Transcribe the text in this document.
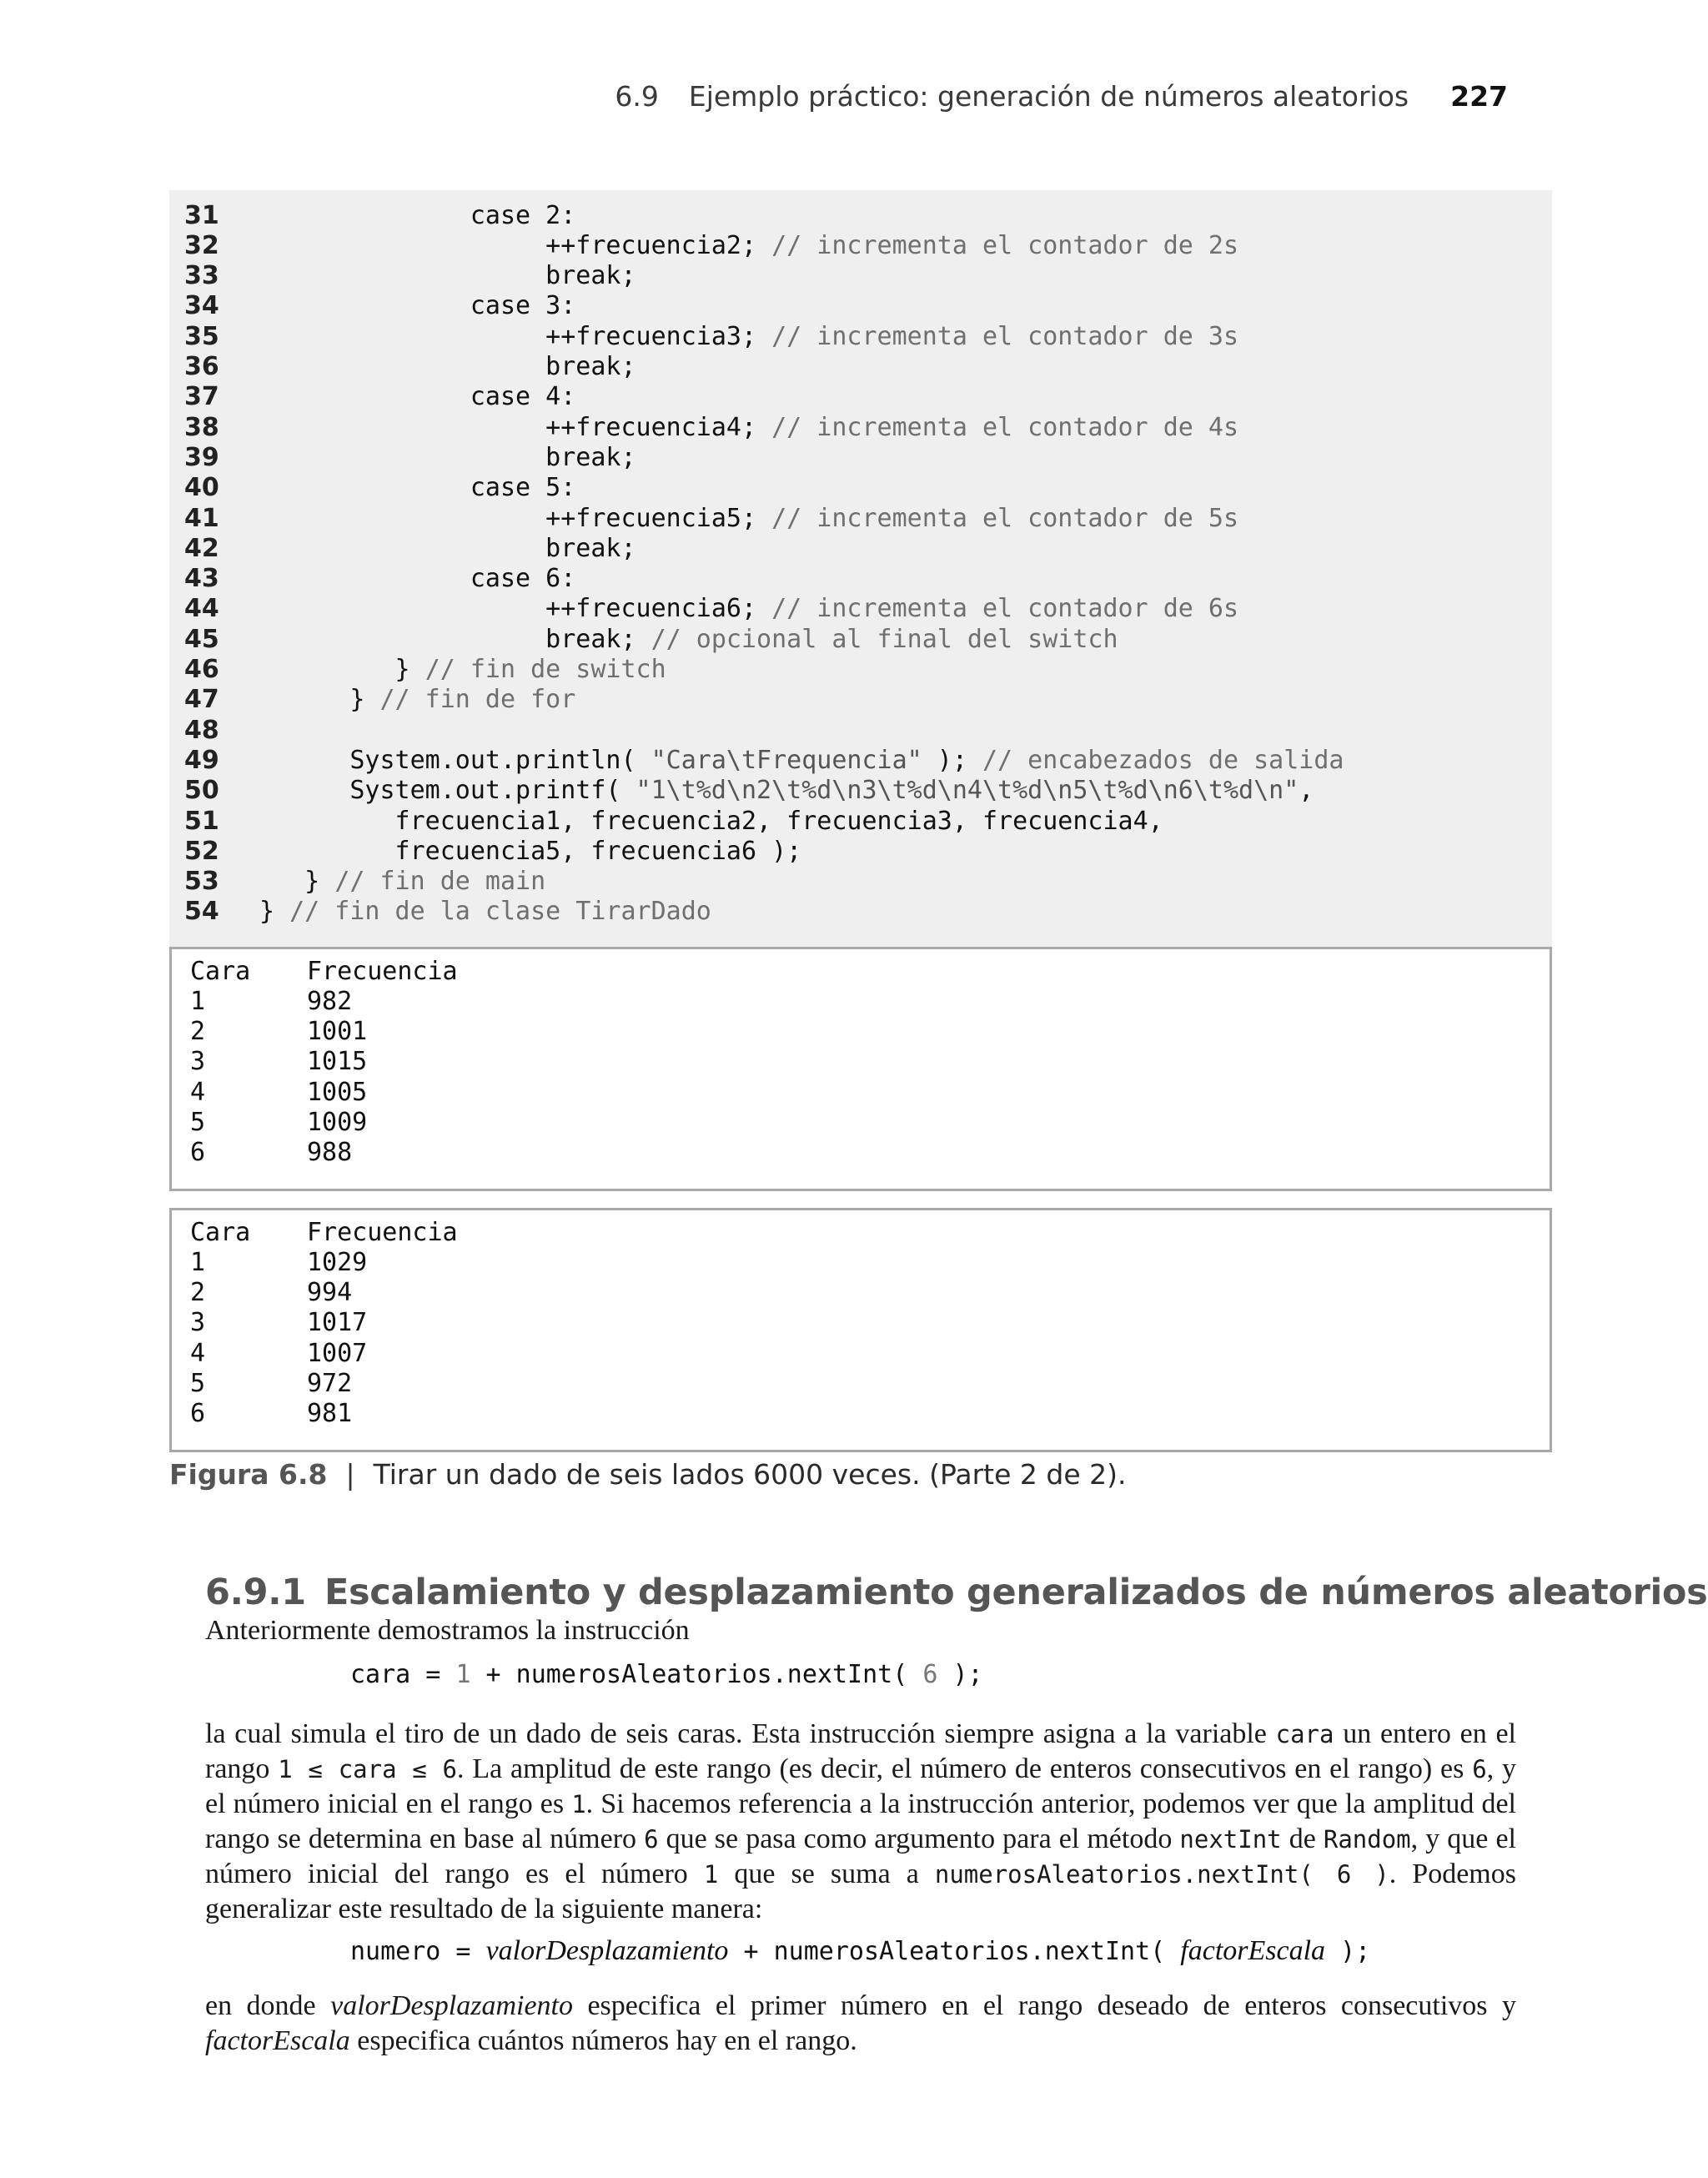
6.9 Ejemplo práctico: generación de números aleatorios 227
31	case 2:
32	++frecuencia2; // incrementa el contador de 2s
33	break;
34	case 3:
35	++frecuencia3; // incrementa el contador de 3s
36	break;
37	case 4:
38	++frecuencia4; // incrementa el contador de 4s
39	break;
40	case 5:
41	++frecuencia5; // incrementa el contador de 5s
42	break;
43	case 6:
44	++frecuencia6; // incrementa el contador de 6s
45	break; // opcional al final del switch
46	} // fin de switch
47	} // fin de for
48
49	System.out.println( "Cara\tFrequencia" ); // encabezados de salida
50	System.out.printf( "1\t%d\n2\t%d\n3\t%d\n4\t%d\n5\t%d\n6\t%d\n" ,
51	frecuencia1, frecuencia2, frecuencia3, frecuencia4,
52	frecuencia5, frecuencia6 );
53	} // fin de main
54	} // fin de la clase TirarDado
Cara	Frecuencia
1	982
2	1001
3	1015
4	1005
5	1009
6	988
Cara	Frecuencia
1	1029
2	994
3	1017
4	1007
5	972
6	981
Figura 6.8 | Tirar un dado de seis lados 6000 veces. (Parte 2 de 2).
6.9.1 Escalamiento y desplazamiento generalizados de números aleatorios

Anteriormente demostramos la instrucción

cara = 1 + numerosAleatorios.nextInt( 6 );

la cual simula el tiro de un dado de seis caras. Esta instrucción siempre asigna a la variable cara un entero en el rango 1 ≤ cara ≤ 6. La amplitud de este rango (es decir, el número de enteros consecutivos en el rango) es 6, y el número inicial en el rango es 1. Si hacemos referencia a la instrucción anterior, podemos ver que la amplitud del rango se determina en base al número 6 que se pasa como argumento para el método nextInt de Random, y que el número inicial del rango es el número 1 que se suma a numerosAleatorios.nextInt( 6 ). Podemos generalizar este resultado de la siguiente manera:

numero = valorDesplazamiento + numerosAleatorios.nextInt( factorEscala );

en donde valorDesplazamiento especifica el primer número en el rango deseado de enteros consecutivos y factorEscala especifica cuántos números hay en el rango.
